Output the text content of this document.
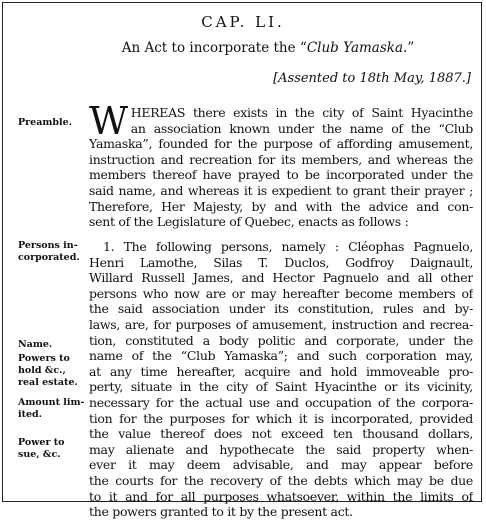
CAP. LI.
An Act to incorporate the “Club Yamaska.”
[Assented to 18th May, 1887.]
Preamble.
Persons in- corporated.
Name.
Powers to hold &c., real estate.
Amount lim- ited.
Power to sue, &c.
W HEREAS there exists in the city of Saint Hyacinthe
an association known under the name of the “Club
Yamaska”, founded for the purpose of affording amusement,
instruction and recreation for its members, and whereas the
members thereof have prayed to be incorporated under the
said name, and whereas it is expedient to grant their prayer ;
Therefore, Her Majesty, by and with the advice and con-
sent of the Legislature of Quebec, enacts as follows :
1. The following persons, namely : Cléophas Pagnuelo,
Henri Lamothe, Silas T. Duclos, Godfroy Daignault,
Willard Russell James, and Hector Pagnuelo and all other
persons who now are or may hereafter become members of
the said association under its constitution, rules and by-
laws, are, for purposes of amusement, instruction and recrea-
tion, constituted a body politic and corporate, under the
name of the “Club Yamaska”; and such corporation may,
at any time hereafter, acquire and hold immoveable pro-
perty, situate in the city of Saint Hyacinthe or its vicinity,
necessary for the actual use and occupation of the corpora-
tion for the purposes for which it is incorporated, provided
the value thereof does not exceed ten thousand dollars,
may alienate and hypothecate the said property when-
ever it may deem advisable, and may appear before
the courts for the recovery of the debts which may be due
to it and for all purposes whatsoever, within the limits of
the powers granted to it by the present act.
